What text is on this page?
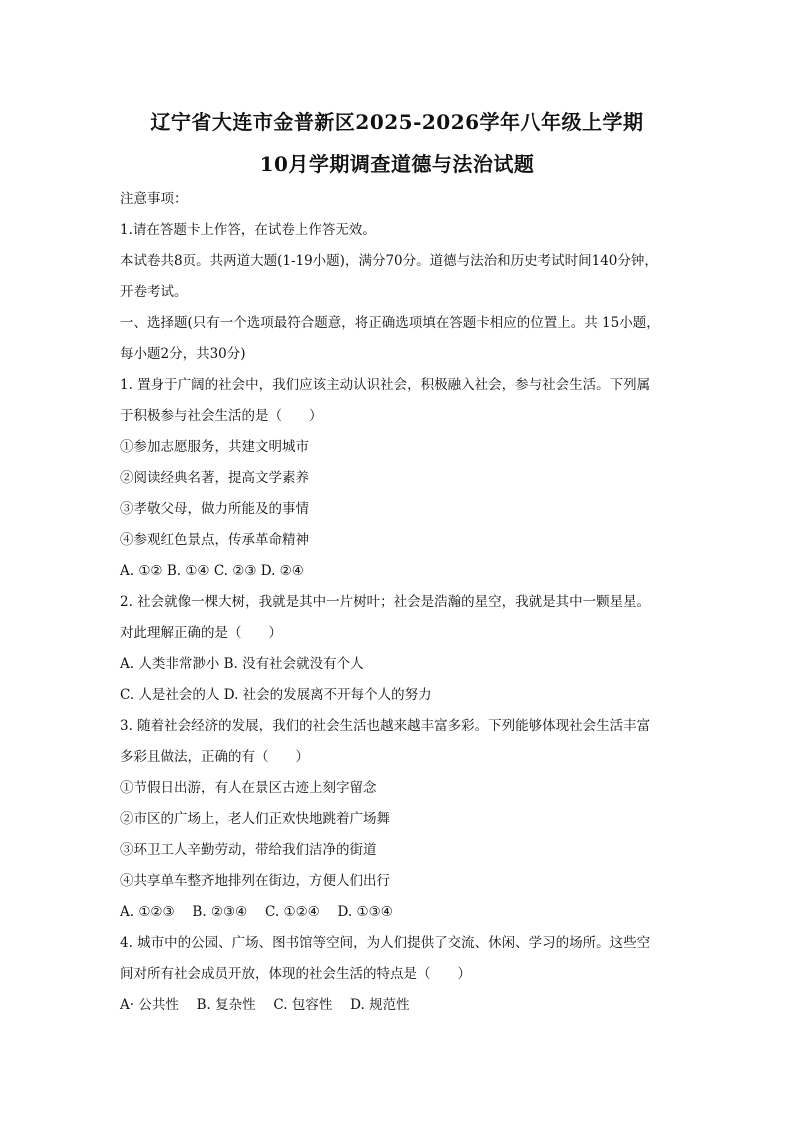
辽宁省大连市金普新区2025-2026学年八年级上学期
10月学期调查道德与法治试题
注意事项：
1.请在答题卡上作答，在试卷上作答无效。
本试卷共8页。共两道大题(1-19小题)，满分70分。道德与法治和历史考试时间140分钟，
开卷考试。
一、选择题(只有一个选项最符合题意，将正确选项填在答题卡相应的位置上。共 15小题，
每小题2分，共30分)
1. 置身于广阔的社会中，我们应该主动认识社会，积极融入社会，参与社会生活。下列属
于积极参与社会生活的是（　　）
①参加志愿服务，共建文明城市
②阅读经典名著，提高文学素养
③孝敬父母，做力所能及的事情
④参观红色景点，传承革命精神
A. ①② B. ①④ C. ②③ D. ②④
2. 社会就像一棵大树，我就是其中一片树叶；社会是浩瀚的星空，我就是其中一颗星星。
对此理解正确的是（　　）
A. 人类非常渺小 B. 没有社会就没有个人
C. 人是社会的人 D. 社会的发展离不开每个人的努力
3. 随着社会经济的发展，我们的社会生活也越来越丰富多彩。下列能够体现社会生活丰富
多彩且做法，正确的有（　　）
①节假日出游，有人在景区古迹上刻字留念
②市区的广场上，老人们正欢快地跳着广场舞
③环卫工人辛勤劳动，带给我们洁净的街道
④共享单车整齐地排列在街边，方便人们出行
A. ①②③　 B. ②③④　 C. ①②④　 D. ①③④
4. 城市中的公园、广场、图书馆等空间，为人们提供了交流、休闲、学习的场所。这些空
间对所有社会成员开放，体现的社会生活的特点是（　　）
A· 公共性　 B. 复杂性　 C. 包容性　 D. 规范性
